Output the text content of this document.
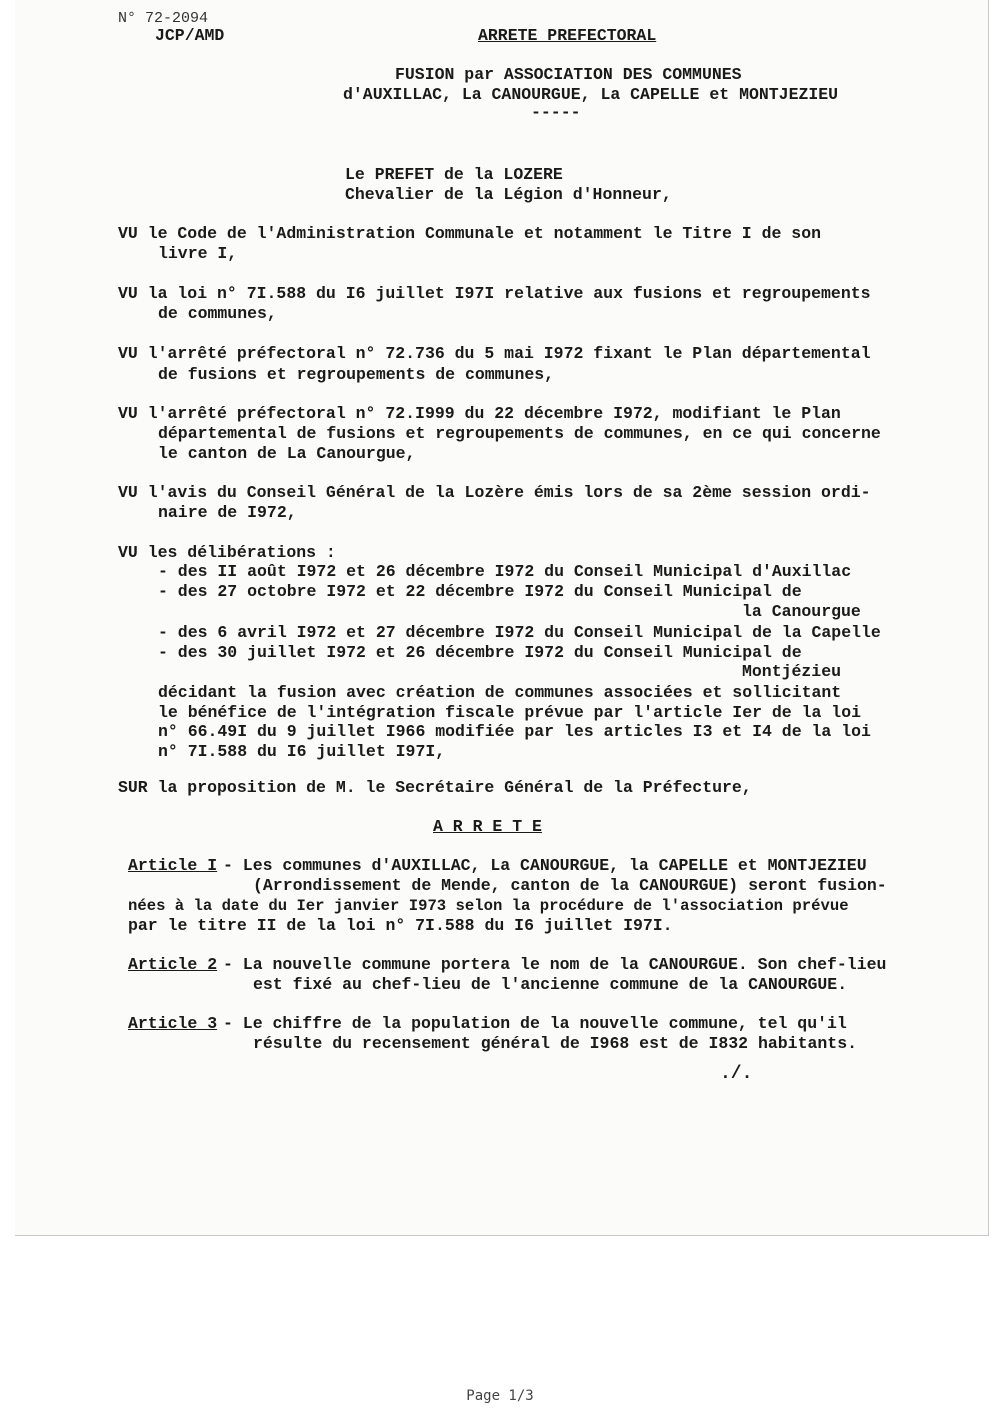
N° 72-2094
JCP/AMD	ARRETE PREFECTORAL
FUSION par ASSOCIATION DES COMMUNES
d'AUXILLAC, La CANOURGUE, La CAPELLE et MONTJEZIEU
-----
Le PREFET de la LOZERE
Chevalier de la Légion d'Honneur,
VU le Code de l'Administration Communale et notamment le Titre I de son
livre I,
VU la loi n° 7I.588 du I6 juillet I97I relative aux fusions et regroupements
de communes,
VU l'arrêté préfectoral n° 72.736 du 5 mai I972 fixant le Plan départemental
de fusions et regroupements de communes,
VU l'arrêté préfectoral n° 72.I999 du 22 décembre I972, modifiant le Plan
départemental de fusions et regroupements de communes, en ce qui concerne
le canton de La Canourgue,
VU l'avis du Conseil Général de la Lozère émis lors de sa 2ème session ordi-
naire de I972,
VU les délibérations :
- des II août I972 et 26 décembre I972 du Conseil Municipal d'Auxillac
- des 27 octobre I972 et 22 décembre I972 du Conseil Municipal de
la Canourgue
- des 6 avril I972 et 27 décembre I972 du Conseil Municipal de la Capelle
- des 30 juillet I972 et 26 décembre I972 du Conseil Municipal de
Montjézieu
décidant la fusion avec création de communes associées et sollicitant
le bénéfice de l'intégration fiscale prévue par l'article Ier de la loi
n° 66.49I du 9 juillet I966 modifiée par les articles I3 et I4 de la loi
n° 7I.588 du I6 juillet I97I,
SUR la proposition de M. le Secrétaire Général de la Préfecture,
A R R E T E
Article I - Les communes d'AUXILLAC, La CANOURGUE, la CAPELLE et MONTJEZIEU
(Arrondissement de Mende, canton de la CANOURGUE) seront fusion-
nées à la date du Ier janvier I973 selon la procédure de l'association prévue
par le titre II de la loi n° 7I.588 du I6 juillet I97I.
Article 2 - La nouvelle commune portera le nom de la CANOURGUE. Son chef-lieu
est fixé au chef-lieu de l'ancienne commune de la CANOURGUE.
Article 3 - Le chiffre de la population de la nouvelle commune, tel qu'il
résulte du recensement général de I968 est de I832 habitants.
./.
Page 1/3
